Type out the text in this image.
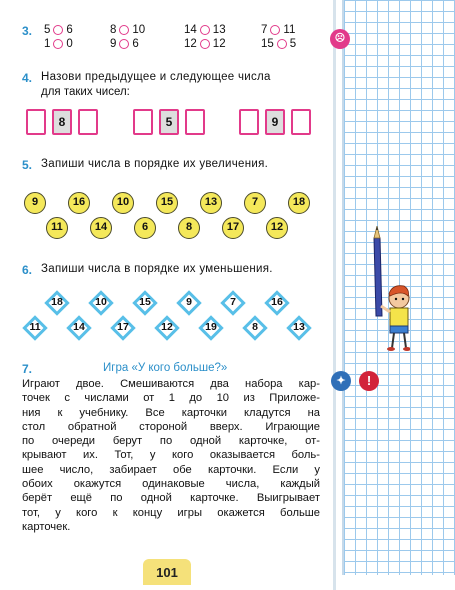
3. 5 6	8 10	14 13	7 11
1 0	9 6	12 12	15 5
4. Назови предыдущее и следующее числа
для таких чисел:
8	5	9
5. Запиши числа в порядке их увеличения.
9	16	10	15	13	7	18
11	14	6	8	17	12
6. Запиши числа в порядке их уменьшения.
18	10	15	9	7	16
11	14	17	12	19	8	13
7.	Игра «У кого больше?»
Играют двое. Смешиваются два набора кар-
точек с числами от 1 до 10 из Приложе-
ния к учебнику. Все карточки кладутся на
стол обратной стороной вверх. Играющие
по очереди берут по одной карточке, от-
крывают их. Тот, у кого оказывается боль-
шее число, забирает обе карточки. Если у
обоих окажутся одинаковые числа, каждый
берёт ещё по одной карточке. Выигрывает
тот, у кого к концу игры окажется больше
карточек.
101
☹
✦	!
